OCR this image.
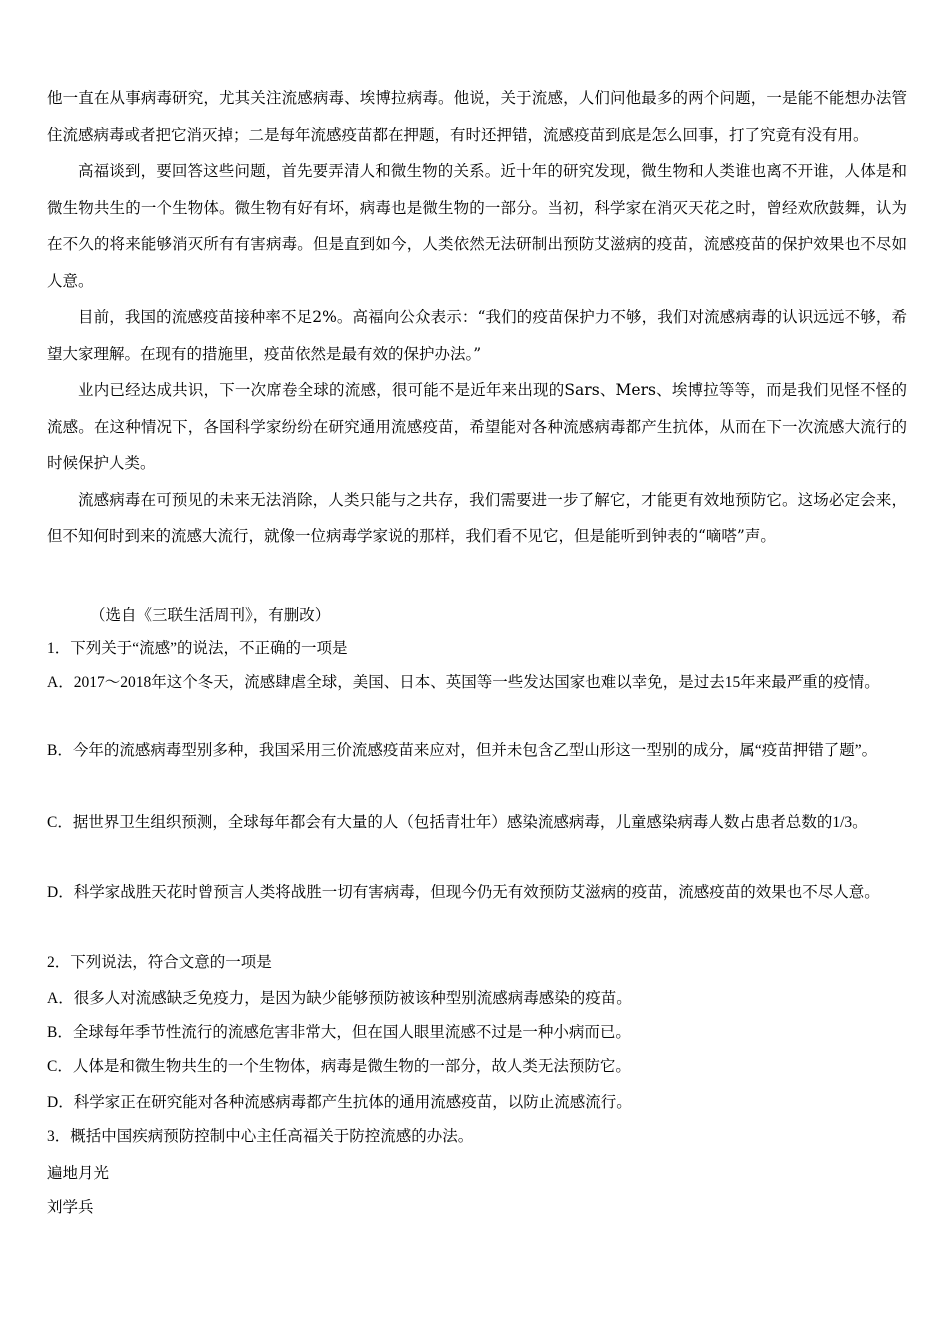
他一直在从事病毒研究，尤其关注流感病毒、埃博拉病毒。他说，关于流感，人们问他最多的两个问题，一是能不能想办法管住流感病毒或者把它消灭掉；二是每年流感疫苗都在押题，有时还押错，流感疫苗到底是怎么回事，打了究竟有没有用。

高福谈到，要回答这些问题，首先要弄清人和微生物的关系。近十年的研究发现，微生物和人类谁也离不开谁，人体是和微生物共生的一个生物体。微生物有好有坏，病毒也是微生物的一部分。当初，科学家在消灭天花之时，曾经欢欣鼓舞，认为在不久的将来能够消灭所有有害病毒。但是直到如今，人类依然无法研制出预防艾滋病的疫苗，流感疫苗的保护效果也不尽如人意。

目前，我国的流感疫苗接种率不足2%。高福向公众表示：“我们的疫苗保护力不够，我们对流感病毒的认识远远不够，希望大家理解。在现有的措施里，疫苗依然是最有效的保护办法。”

业内已经达成共识，下一次席卷全球的流感，很可能不是近年来出现的Sars、Mers、埃博拉等等，而是我们见怪不怪的流感。在这种情况下，各国科学家纷纷在研究通用流感疫苗，希望能对各种流感病毒都产生抗体，从而在下一次流感大流行的时候保护人类。

流感病毒在可预见的未来无法消除，人类只能与之共存，我们需要进一步了解它，才能更有效地预防它。这场必定会来，但不知何时到来的流感大流行，就像一位病毒学家说的那样，我们看不见它，但是能听到钟表的“嘀嗒”声。

（选自《三联生活周刊》，有删改）

1．下列关于“流感”的说法，不正确的一项是

A．2017～2018年这个冬天，流感肆虐全球，美国、日本、英国等一些发达国家也难以幸免，是过去15年来最严重的疫情。

B．今年的流感病毒型别多种，我国采用三价流感疫苗来应对，但并未包含乙型山形这一型别的成分，属“疫苗押错了题”。

C．据世界卫生组织预测，全球每年都会有大量的人（包括青壮年）感染流感病毒，儿童感染病毒人数占患者总数的1/3。

D．科学家战胜天花时曾预言人类将战胜一切有害病毒，但现今仍无有效预防艾滋病的疫苗，流感疫苗的效果也不尽人意。

2．下列说法，符合文意的一项是

A．很多人对流感缺乏免疫力，是因为缺少能够预防被该种型别流感病毒感染的疫苗。

B．全球每年季节性流行的流感危害非常大，但在国人眼里流感不过是一种小病而已。

C．人体是和微生物共生的一个生物体，病毒是微生物的一部分，故人类无法预防它。

D．科学家正在研究能对各种流感病毒都产生抗体的通用流感疫苗，以防止流感流行。

3．概括中国疾病预防控制中心主任高福关于防控流感的办法。

遍地月光

刘学兵
